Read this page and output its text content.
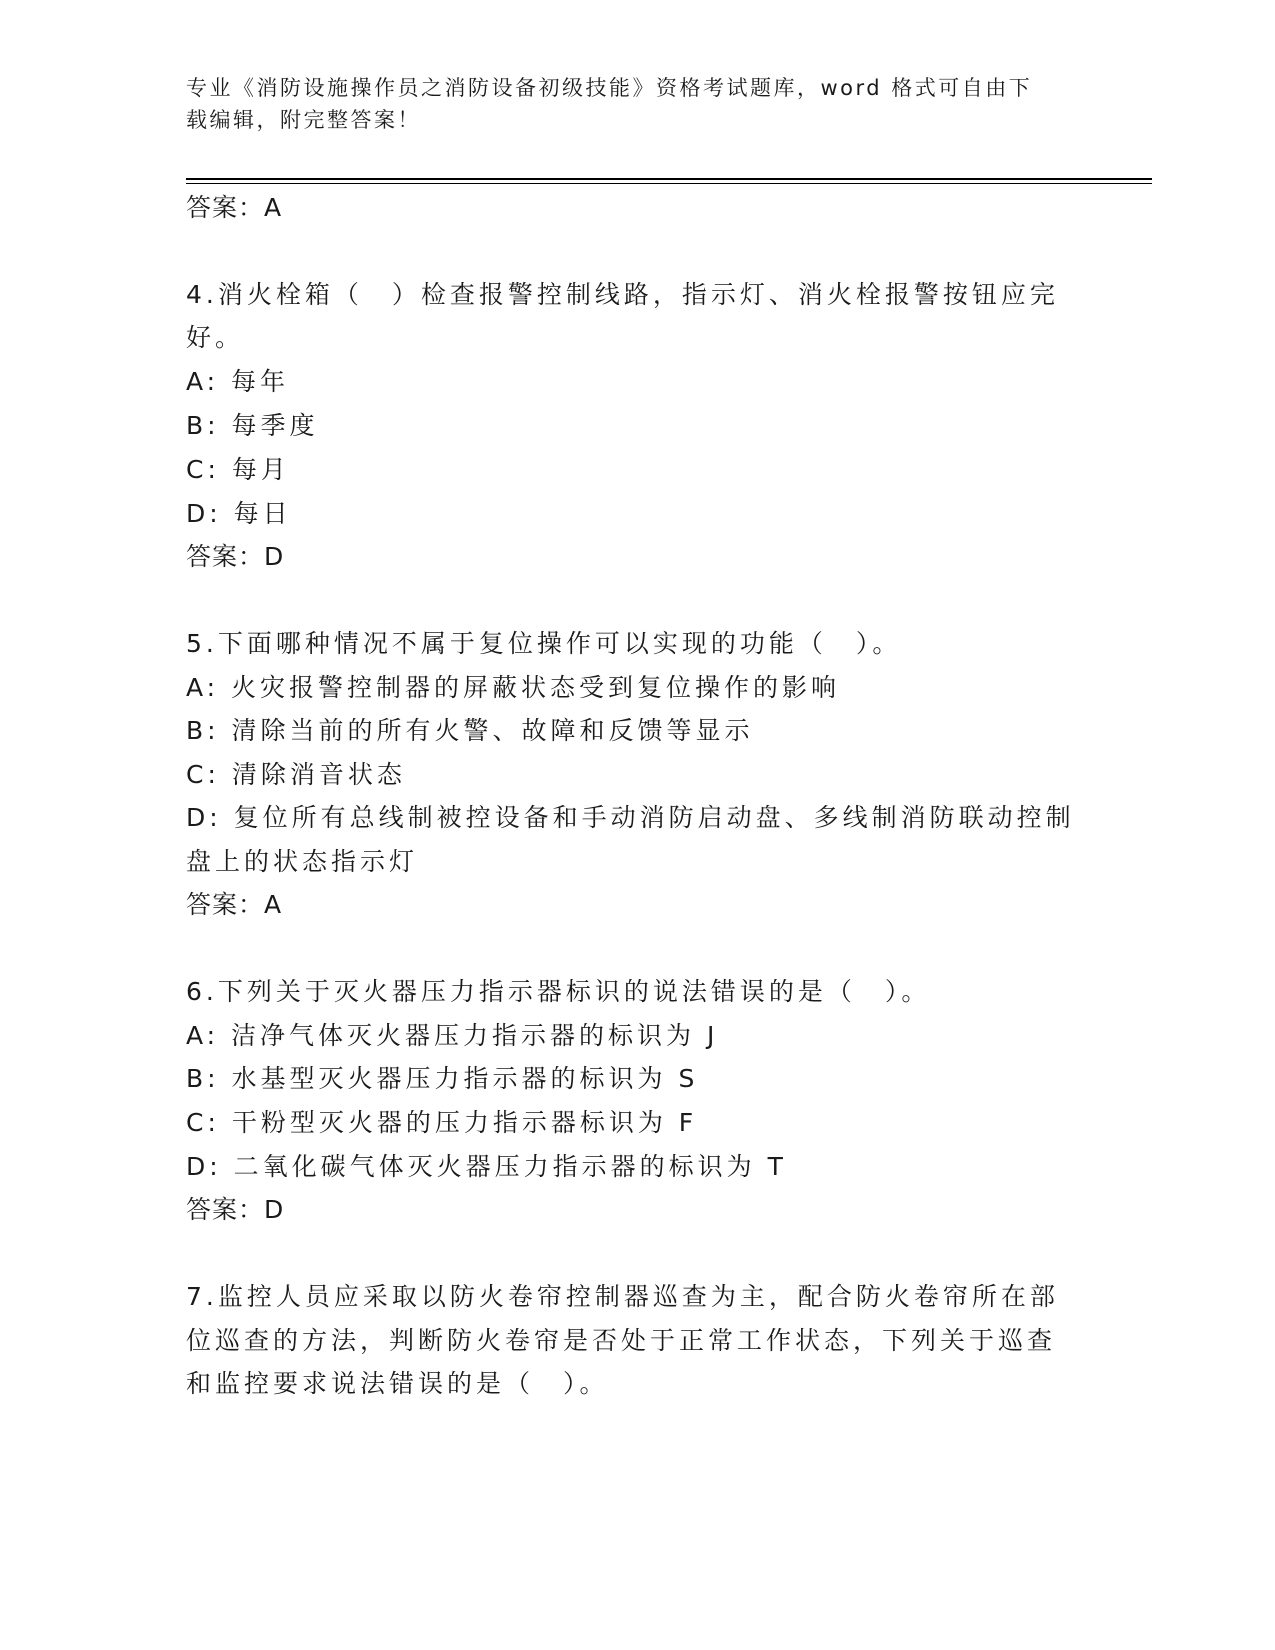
专业《消防设施操作员之消防设备初级技能》资格考试题库，word 格式可自由下
载编辑，附完整答案！
答案：A
4.消火栓箱（　）检查报警控制线路，指示灯、消火栓报警按钮应完
好。
A: 每年
B: 每季度
C: 每月
D: 每日
答案：D
5.下面哪种情况不属于复位操作可以实现的功能（　）。
A: 火灾报警控制器的屏蔽状态受到复位操作的影响
B: 清除当前的所有火警、故障和反馈等显示
C: 清除消音状态
D: 复位所有总线制被控设备和手动消防启动盘、多线制消防联动控制
盘上的状态指示灯
答案：A
6.下列关于灭火器压力指示器标识的说法错误的是（　）。
A: 洁净气体灭火器压力指示器的标识为 J
B: 水基型灭火器压力指示器的标识为 S
C: 干粉型灭火器的压力指示器标识为 F
D: 二氧化碳气体灭火器压力指示器的标识为 T
答案：D
7.监控人员应采取以防火卷帘控制器巡查为主，配合防火卷帘所在部
位巡查的方法，判断防火卷帘是否处于正常工作状态，下列关于巡查
和监控要求说法错误的是（　）。
